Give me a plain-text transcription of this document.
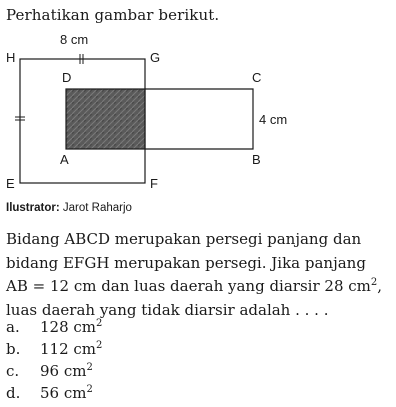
Perhatikan gambar berikut.
8 cm
4 cm
H	G
D	C
A	B
E	F
Ilustrator: Jarot Raharjo
Bidang ABCD merupakan persegi panjang dan
bidang EFGH merupakan persegi. Jika panjang
AB = 12 cm dan luas daerah yang diarsir 28 $cm^2$,
luas daerah yang tidak diarsir adalah . . . .
a. 128 $cm^2$
b. 112 $cm^2$
c. 96 $cm^2$
d. 56 $cm^2$
